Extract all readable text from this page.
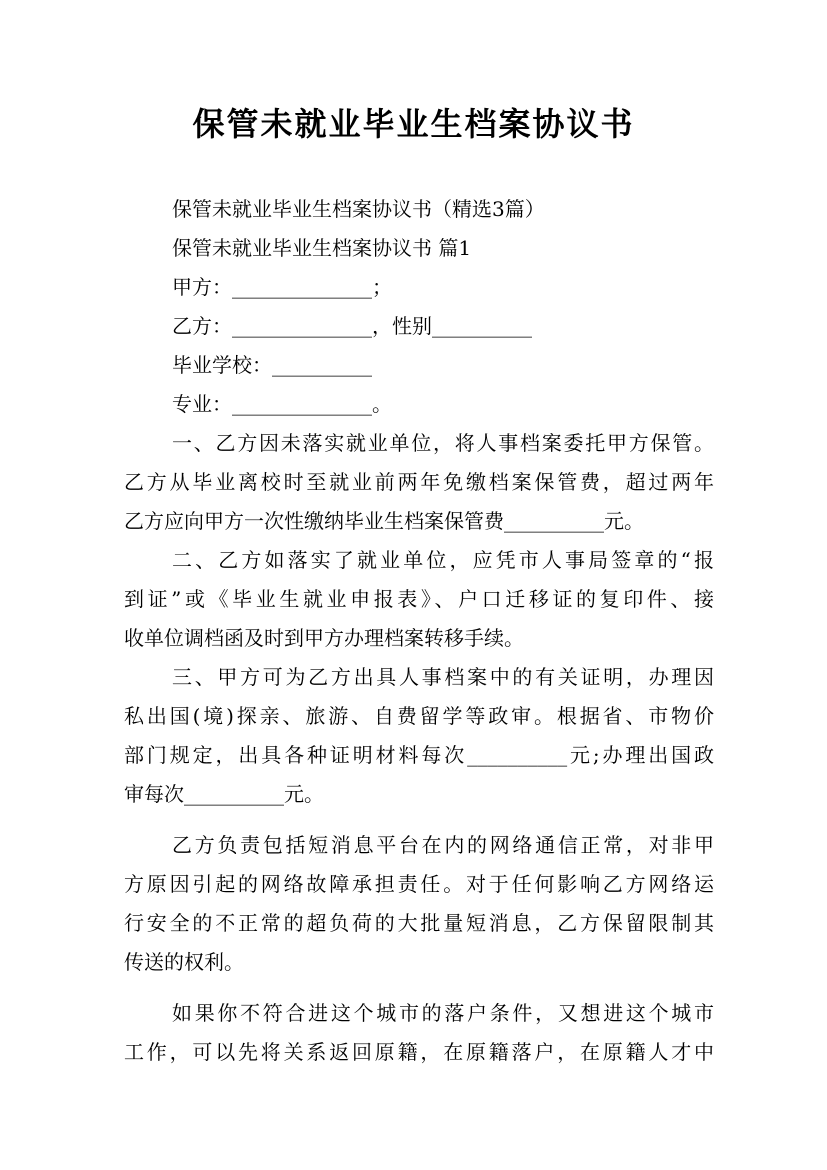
保管未就业毕业生档案协议书
保管未就业毕业生档案协议书（精选3篇）
保管未就业毕业生档案协议书 篇1
甲方：______________；
乙方：______________，性别__________
毕业学校：__________
专业：______________。
一、乙方因未落实就业单位，将人事档案委托甲方保管。
乙方从毕业离校时至就业前两年免缴档案保管费，超过两年
乙方应向甲方一次性缴纳毕业生档案保管费__________元。
二、乙方如落实了就业单位，应凭市人事局签章的“报
到证”或《毕业生就业申报表》、户口迁移证的复印件、接
收单位调档函及时到甲方办理档案转移手续。
三、甲方可为乙方出具人事档案中的有关证明，办理因
私出国(境)探亲、旅游、自费留学等政审。根据省、市物价
部门规定，出具各种证明材料每次__________元;办理出国政
审每次__________元。
乙方负责包括短消息平台在内的网络通信正常，对非甲
方原因引起的网络故障承担责任。对于任何影响乙方网络运
行安全的不正常的超负荷的大批量短消息，乙方保留限制其
传送的权利。
如果你不符合进这个城市的落户条件，又想进这个城市
工作，可以先将关系返回原籍，在原籍落户，在原籍人才中
